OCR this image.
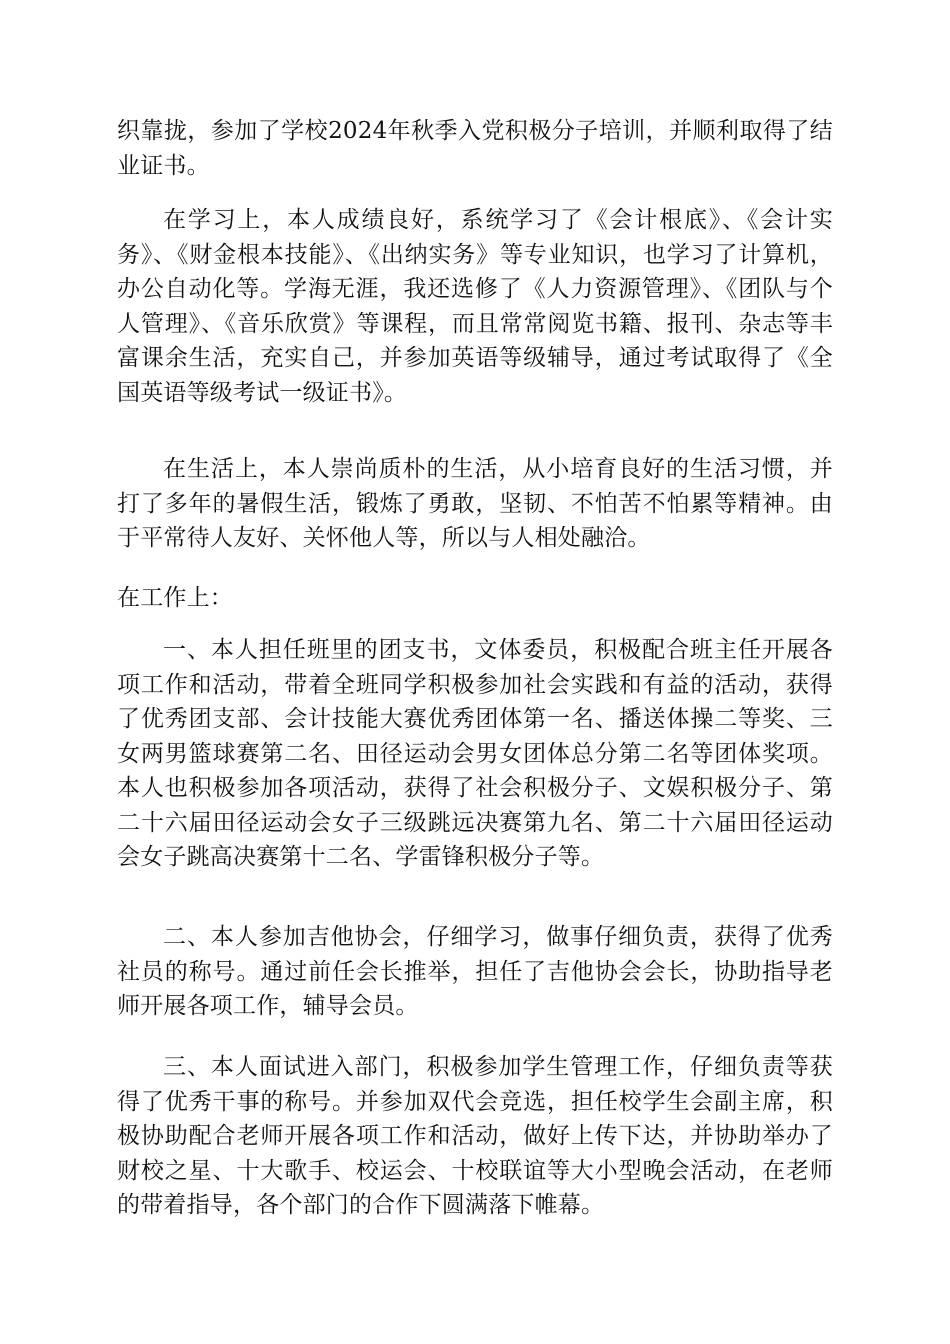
织靠拢，参加了学校2024年秋季入党积极分子培训，并顺利取得了结业证书。

在学习上，本人成绩良好，系统学习了《会计根底》、《会计实务》、《财金根本技能》、《出纳实务》等专业知识，也学习了计算机，办公自动化等。学海无涯，我还选修了《人力资源管理》、《团队与个人管理》、《音乐欣赏》等课程，而且常常阅览书籍、报刊、杂志等丰富课余生活，充实自己，并参加英语等级辅导，通过考试取得了《全国英语等级考试一级证书》。

在生活上，本人崇尚质朴的生活，从小培育良好的生活习惯，并打了多年的暑假生活，锻炼了勇敢，坚韧、不怕苦不怕累等精神。由于平常待人友好、关怀他人等，所以与人相处融洽。

在工作上：

一、本人担任班里的团支书，文体委员，积极配合班主任开展各项工作和活动，带着全班同学积极参加社会实践和有益的活动，获得了优秀团支部、会计技能大赛优秀团体第一名、播送体操二等奖、三女两男篮球赛第二名、田径运动会男女团体总分第二名等团体奖项。本人也积极参加各项活动，获得了社会积极分子、文娱积极分子、第二十六届田径运动会女子三级跳远决赛第九名、第二十六届田径运动会女子跳高决赛第十二名、学雷锋积极分子等。

二、本人参加吉他协会，仔细学习，做事仔细负责，获得了优秀社员的称号。通过前任会长推举，担任了吉他协会会长，协助指导老师开展各项工作，辅导会员。

三、本人面试进入部门，积极参加学生管理工作，仔细负责等获得了优秀干事的称号。并参加双代会竞选，担任校学生会副主席，积极协助配合老师开展各项工作和活动，做好上传下达，并协助举办了财校之星、十大歌手、校运会、十校联谊等大小型晚会活动，在老师的带着指导，各个部门的合作下圆满落下帷幕。
